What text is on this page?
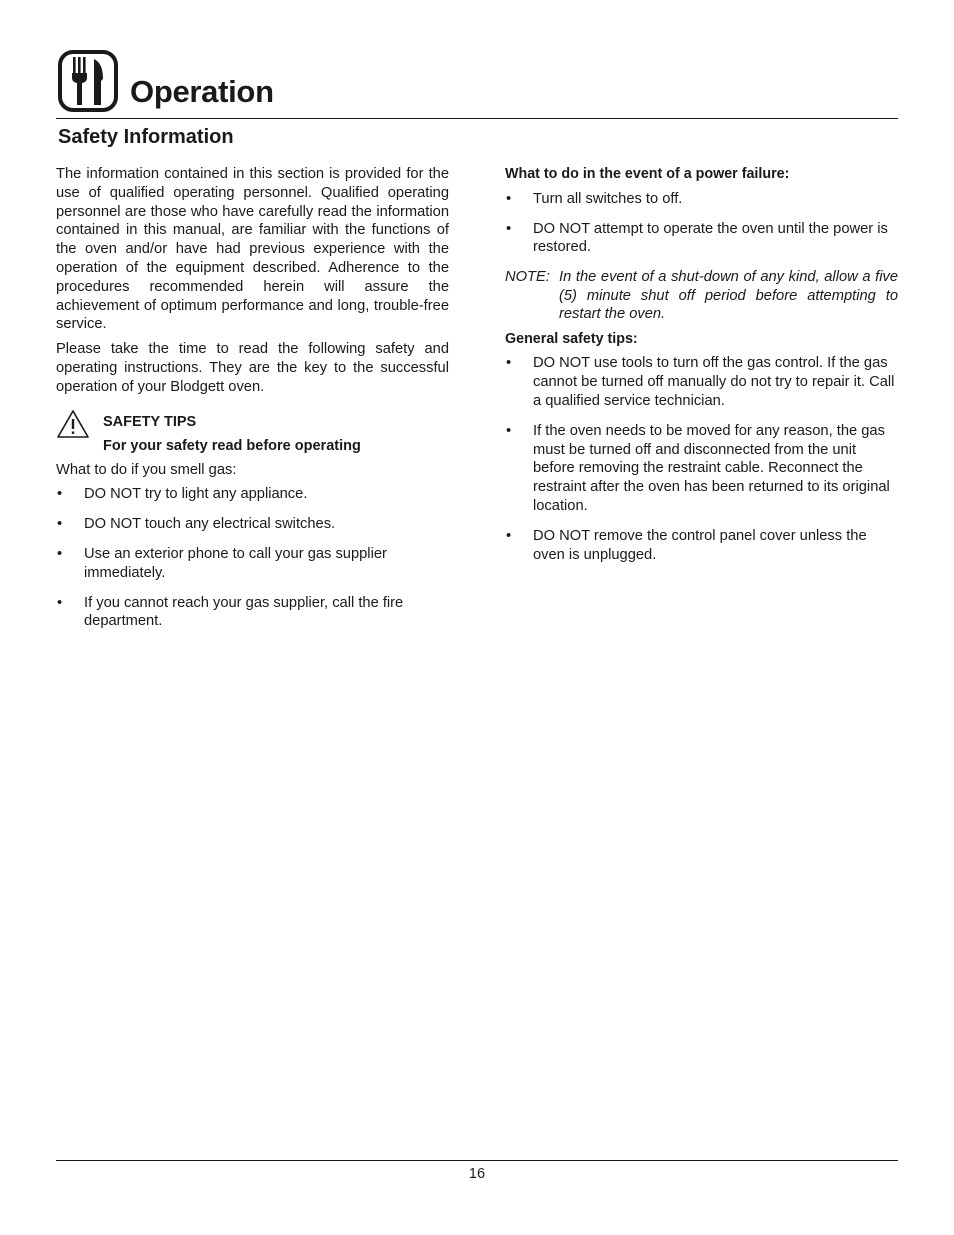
Operation
Safety Information

The information contained in this section is provided for the use of qualified operating personnel. Qualified operating personnel are those who have carefully read the information contained in this manual, are familiar with the functions of the oven and/or have had previous experience with the operation of the equipment described. Adherence to the procedures recommended herein will assure the achievement of optimum performance and long, trouble-free service.

Please take the time to read the following safety and operating instructions. They are the key to the successful operation of your Blodgett oven.

SAFETY TIPS
For your safety read before operating

What to do if you smell gas:

• DO NOT try to light any appliance.
• DO NOT touch any electrical switches.
• Use an exterior phone to call your gas supplier immediately.
• If you cannot reach your gas supplier, call the fire department.

What to do in the event of a power failure:

• Turn all switches to off.
• DO NOT attempt to operate the oven until the power is restored.
NOTE: In the event of a shut-down of any kind, allow a five (5) minute shut off period before attempting to restart the oven.

General safety tips:

• DO NOT use tools to turn off the gas control. If the gas cannot be turned off manually do not try to repair it. Call a qualified service technician.
• If the oven needs to be moved for any reason, the gas must be turned off and disconnected from the unit before removing the restraint cable. Reconnect the restraint after the oven has been returned to its original location.
• DO NOT remove the control panel cover unless the oven is unplugged.
16
